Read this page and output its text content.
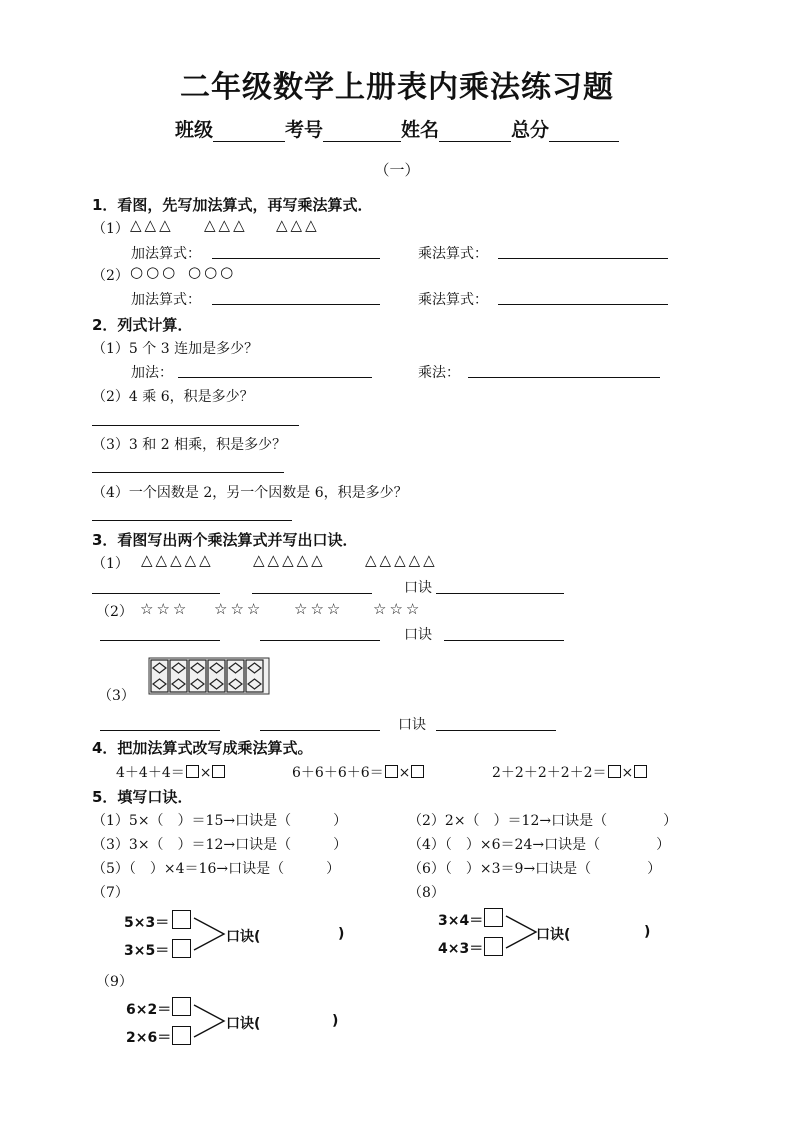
二年级数学上册表内乘法练习题
班级	考号	姓名	总分
（一）
1．看图，先写加法算式，再写乘法算式．
（1） △△△ △△△ △△△
加法算式：	乘法算式：
（2） ○○○ ○○○
加法算式：	乘法算式：
2．列式计算．
（1）5 个 3 连加是多少？
加法：	乘法：
（2）4 乘 6，积是多少？
（3）3 和 2 相乘，积是多少？
（4）一个因数是 2，另一个因数是 6，积是多少？
3．看图写出两个乘法算式并写出口诀．
（1） △△△△△	△△△△△	△△△△△
口诀
（2） ☆☆☆ ☆☆☆ ☆☆☆ ☆☆☆
口诀
（3）
口诀
4．把加法算式改写成乘法算式。
4＋4＋4＝ ×	6＋6＋6＋6＝ ×	2＋2＋2＋2＋2＝ ×
5．填写口诀．
（1）5×（　）＝15→口诀是（　　　）	（2）2×（　）＝12→口诀是（　　　　）
（3）3×（　）＝12→口诀是（　　　）	（4）（　）×6＝24→口诀是（　　　　）
（5）（　）×4＝16→口诀是（　　　）	（6）（　）×3＝9→口诀是（　　　　）
（7）	（8）
5×3＝
3×5＝
口诀(	)
3×4＝
4×3＝
口诀(	)
（9）
6×2＝
2×6＝
口诀(	)
